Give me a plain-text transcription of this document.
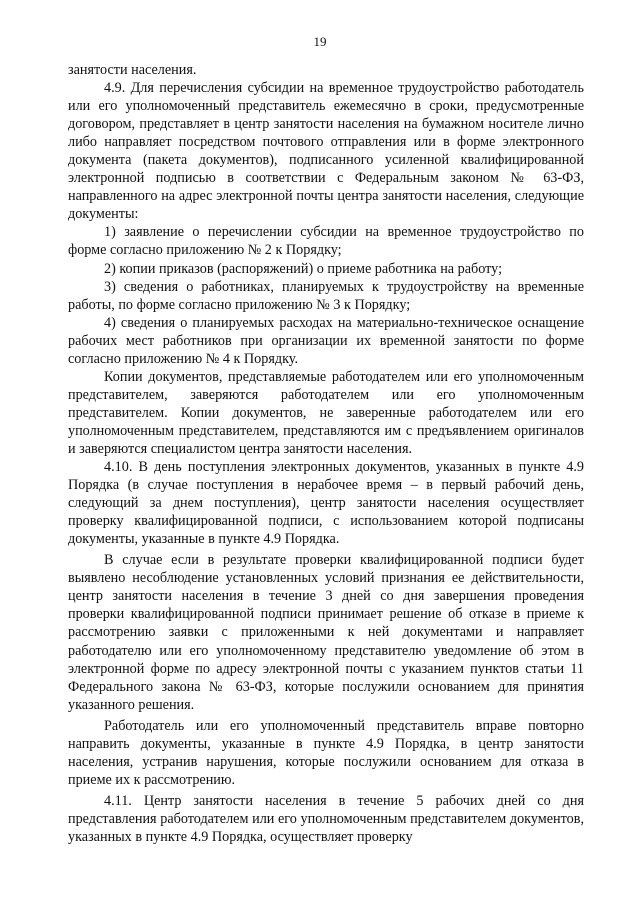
19

занятости населения.

4.9. Для перечисления субсидии на временное трудоустройство работодатель или его уполномоченный представитель ежемесячно в сроки, предусмотренные договором, представляет в центр занятости населения на бумажном носителе лично либо направляет посредством почтового отправления или в форме электронного документа (пакета документов), подписанного усиленной квалифицированной электронной подписью в соответствии с Федеральным законом № 63-ФЗ, направленного на адрес электронной почты центра занятости населения, следующие документы:

1) заявление о перечислении субсидии на временное трудоустройство по форме согласно приложению № 2 к Порядку;

2) копии приказов (распоряжений) о приеме работника на работу;

3) сведения о работниках, планируемых к трудоустройству на временные работы, по форме согласно приложению № 3 к Порядку;

4) сведения о планируемых расходах на материально-техническое оснащение рабочих мест работников при организации их временной занятости по форме согласно приложению № 4 к Порядку.

Копии документов, представляемые работодателем или его уполномоченным представителем, заверяются работодателем или его уполномоченным представителем. Копии документов, не заверенные работодателем или его уполномоченным представителем, представляются им с предъявлением оригиналов и заверяются специалистом центра занятости населения.

4.10. В день поступления электронных документов, указанных в пункте 4.9 Порядка (в случае поступления в нерабочее время – в первый рабочий день, следующий за днем поступления), центр занятости населения осуществляет проверку квалифицированной подписи, с использованием которой подписаны документы, указанные в пункте 4.9 Порядка.

В случае если в результате проверки квалифицированной подписи будет выявлено несоблюдение установленных условий признания ее действительности, центр занятости населения в течение 3 дней со дня завершения проведения проверки квалифицированной подписи принимает решение об отказе в приеме к рассмотрению заявки с приложенными к ней документами и направляет работодателю или его уполномоченному представителю уведомление об этом в электронной форме по адресу электронной почты с указанием пунктов статьи 11 Федерального закона № 63-ФЗ, которые послужили основанием для принятия указанного решения.

Работодатель или его уполномоченный представитель вправе повторно направить документы, указанные в пункте 4.9 Порядка, в центр занятости населения, устранив нарушения, которые послужили основанием для отказа в приеме их к рассмотрению.

4.11. Центр занятости населения в течение 5 рабочих дней со дня представления работодателем или его уполномоченным представителем документов, указанных в пункте 4.9 Порядка, осуществляет проверку
